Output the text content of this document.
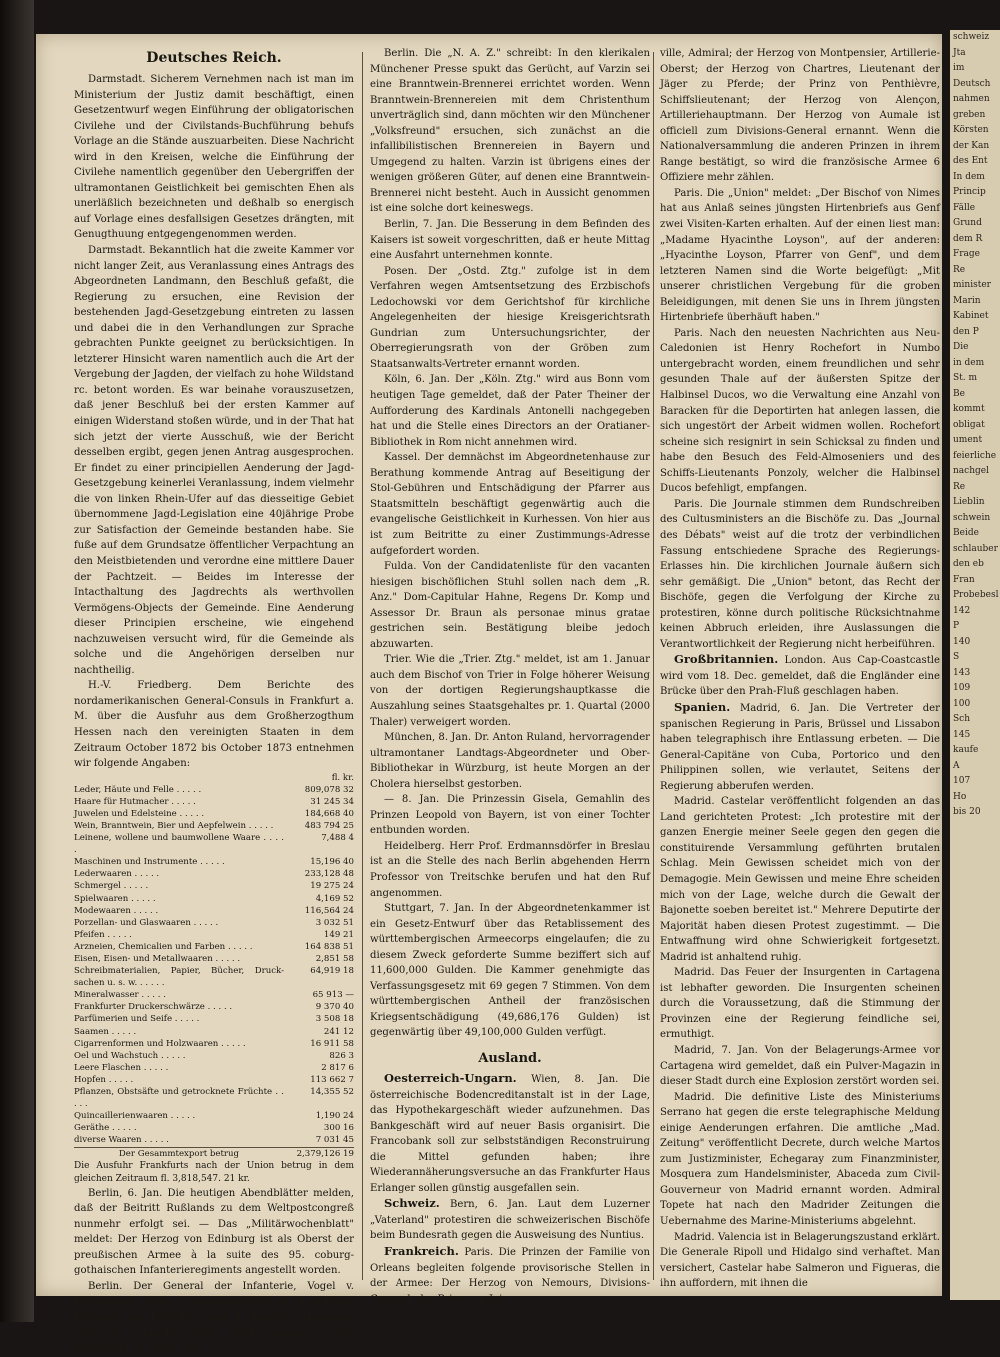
Deutsches Reich.

Darmstadt. Sicherem Vernehmen nach ist man im Ministerium der Justiz damit beschäftigt, einen Gesetzentwurf wegen Einführung der obligatorischen Civilehe und der Civilstands-Buchführung behufs Vorlage an die Stände auszuarbeiten. Diese Nachricht wird in den Kreisen, welche die Einführung der Civilehe namentlich gegenüber den Uebergriffen der ultramontanen Geistlichkeit bei gemischten Ehen als unerläßlich bezeichneten und deßhalb so energisch auf Vorlage eines desfallsigen Gesetzes drängten, mit Genugthuung entgegengenommen werden.

Darmstadt. Bekanntlich hat die zweite Kammer vor nicht langer Zeit, aus Veranlassung eines Antrags des Abgeordneten Landmann, den Beschluß gefaßt, die Regierung zu ersuchen, eine Revision der bestehenden Jagd-Gesetzgebung eintreten zu lassen und dabei die in den Verhandlungen zur Sprache gebrachten Punkte geeignet zu berücksichtigen. In letzterer Hinsicht waren namentlich auch die Art der Vergebung der Jagden, der vielfach zu hohe Wildstand rc. betont worden. Es war beinahe vorauszusetzen, daß jener Beschluß bei der ersten Kammer auf einigen Widerstand stoßen würde, und in der That hat sich jetzt der vierte Ausschuß, wie der Bericht desselben ergibt, gegen jenen Antrag ausgesprochen. Er findet zu einer principiellen Aenderung der Jagd-Gesetzgebung keinerlei Veranlassung, indem vielmehr die von linken Rhein-Ufer auf das diesseitige Gebiet übernommene Jagd-Legislation eine 40jährige Probe zur Satisfaction der Gemeinde bestanden habe. Sie fuße auf dem Grundsatze öffentlicher Verpachtung an den Meistbietenden und verordne eine mittlere Dauer der Pachtzeit. — Beides im Interesse der Intacthaltung des Jagdrechts als werthvollen Vermögens-Objects der Gemeinde. Eine Aenderung dieser Principien erscheine, wie eingehend nachzuweisen versucht wird, für die Gemeinde als solche und die Angehörigen derselben nur nachtheilig.

H.-V. Friedberg. Dem Berichte des nordamerikanischen General-Consuls in Frankfurt a. M. über die Ausfuhr aus dem Großherzogthum Hessen nach den vereinigten Staaten in dem Zeitraum October 1872 bis October 1873 entnehmen wir folgende Angaben:

	fl. kr.
Leder, Häute und Felle . . . . .	809,078 32
Haare für Hutmacher . . . . .	31 245 34
Juwelen und Edelsteine . . . . .	184,668 40
Wein, Branntwein, Bier und Aepfelwein . . . . .	483 794 25
Leinene, wollene und baumwollene Waare . . . . .	7,488 4
Maschinen und Instrumente . . . . .	15,196 40
Lederwaaren . . . . .	233,128 48
Schmergel . . . . .	19 275 24
Spielwaaren . . . . .	4,169 52
Modewaaren . . . . .	116,564 24
Porzellan- und Glaswaaren . . . . .	3 032 51
Pfeifen . . . . .	149 21
Arzneien, Chemicalien und Farben . . . . .	164 838 51
Eisen, Eisen- und Metallwaaren . . . . .	2,851 58
Schreibmaterialien, Papier, Bücher, Druck-sachen u. s. w. . . . . .	64,919 18
Mineralwasser . . . . .	65 913 —
Frankfurter Druckerschwärze . . . . .	9 370 40
Parfümerien und Seife . . . . .	3 508 18
Saamen . . . . .	241 12
Cigarrenformen und Holzwaaren . . . . .	16 911 58
Oel und Wachstuch . . . . .	826 3
Leere Flaschen . . . . .	2 817 6
Hopfen . . . . .	113 662 7
Pflanzen, Obstsäfte und getrocknete Früchte . . . . .	14,355 52
Quincaillerienwaaren . . . . .	1,190 24
Geräthe . . . . .	300 16
diverse Waaren . . . . .	7 031 45
Der Gesammtexport betrug	2,379,126 19

Die Ausfuhr Frankfurts nach der Union betrug in dem gleichen Zeitraum fl. 3,818,547. 21 kr.

Berlin, 6. Jan. Die heutigen Abendblätter melden, daß der Beitritt Rußlands zu dem Weltpostcongreß nunmehr erfolgt sei. — Das „Militärwochenblatt" meldet: Der Herzog von Edinburg ist als Oberst der preußischen Armee à la suite des 95. coburg-gothaischen Infanterieregiments angestellt worden.

Berlin. Der General der Infanterie, Vogel v. Falckenstein, dessen Name besonders aus dem Main-Feldzuge von 1866 her noch in frischer Erinnerung lebt, ist nunmehr seines Alters wegen in den Ruhestand übergetreten.

Berlin. Die „N. A. Z." schreibt: In den klerikalen Münchener Presse spukt das Gerücht, auf Varzin sei eine Branntwein-Brennerei errichtet worden. Wenn Branntwein-Brennereien mit dem Christenthum unverträglich sind, dann möchten wir den Münchener „Volksfreund" ersuchen, sich zunächst an die infallibilistischen Brennereien in Bayern und Umgegend zu halten. Varzin ist übrigens eines der wenigen größeren Güter, auf denen eine Branntwein-Brennerei nicht besteht. Auch in Aussicht genommen ist eine solche dort keineswegs.

Berlin, 7. Jan. Die Besserung in dem Befinden des Kaisers ist soweit vorgeschritten, daß er heute Mittag eine Ausfahrt unternehmen konnte.

Posen. Der „Ostd. Ztg." zufolge ist in dem Verfahren wegen Amtsentsetzung des Erzbischofs Ledochowski vor dem Gerichtshof für kirchliche Angelegenheiten der hiesige Kreisgerichtsrath Gundrian zum Untersuchungsrichter, der Oberregierungsrath von der Gröben zum Staatsanwalts-Vertreter ernannt worden.

Köln, 6. Jan. Der „Köln. Ztg." wird aus Bonn vom heutigen Tage gemeldet, daß der Pater Theiner der Aufforderung des Kardinals Antonelli nachgegeben hat und die Stelle eines Directors an der Oratianer-Bibliothek in Rom nicht annehmen wird.

Kassel. Der demnächst im Abgeordnetenhause zur Berathung kommende Antrag auf Beseitigung der Stol-Gebühren und Entschädigung der Pfarrer aus Staatsmitteln beschäftigt gegenwärtig auch die evangelische Geistlichkeit in Kurhessen. Von hier aus ist zum Beitritte zu einer Zustimmungs-Adresse aufgefordert worden.

Fulda. Von der Candidatenliste für den vacanten hiesigen bischöflichen Stuhl sollen nach dem „R. Anz." Dom-Capitular Hahne, Regens Dr. Komp und Assessor Dr. Braun als personae minus gratae gestrichen sein. Bestätigung bleibe jedoch abzuwarten.

Trier. Wie die „Trier. Ztg." meldet, ist am 1. Januar auch dem Bischof von Trier in Folge höherer Weisung von der dortigen Regierungshauptkasse die Auszahlung seines Staatsgehaltes pr. 1. Quartal (2000 Thaler) verweigert worden.

München, 8. Jan. Dr. Anton Ruland, hervorragender ultramontaner Landtags-Abgeordneter und Ober-Bibliothekar in Würzburg, ist heute Morgen an der Cholera hierselbst gestorben.

— 8. Jan. Die Prinzessin Gisela, Gemahlin des Prinzen Leopold von Bayern, ist von einer Tochter entbunden worden.

Heidelberg. Herr Prof. Erdmannsdörfer in Breslau ist an die Stelle des nach Berlin abgehenden Herrn Professor von Treitschke berufen und hat den Ruf angenommen.

Stuttgart, 7. Jan. In der Abgeordnetenkammer ist ein Gesetz-Entwurf über das Retablissement des württembergischen Armeecorps eingelaufen; die zu diesem Zweck geforderte Summe beziffert sich auf 11,600,000 Gulden. Die Kammer genehmigte das Verfassungsgesetz mit 69 gegen 7 Stimmen. Von dem württembergischen Antheil der französischen Kriegsentschädigung (49,686,176 Gulden) ist gegenwärtig über 49,100,000 Gulden verfügt.

Ausland.

Oesterreich-Ungarn. Wien, 8. Jan. Die österreichische Bodencreditanstalt ist in der Lage, das Hypothekargeschäft wieder aufzunehmen. Das Bankgeschäft wird auf neuer Basis organisirt. Die Francobank soll zur selbstständigen Reconstruirung die Mittel gefunden haben; ihre Wiederannäherungsversuche an das Frankfurter Haus Erlanger sollen günstig ausgefallen sein.

Schweiz. Bern, 6. Jan. Laut dem Luzerner „Vaterland" protestiren die schweizerischen Bischöfe beim Bundesrath gegen die Ausweisung des Nuntius.

Frankreich. Paris. Die Prinzen der Familie von Orleans begleiten folgende provisorische Stellen in der Armee: Der Herzog von Nemours, Divisions-General; der Prinz von Join-

ville, Admiral; der Herzog von Montpensier, Artillerie-Oberst; der Herzog von Chartres, Lieutenant der Jäger zu Pferde; der Prinz von Penthièvre, Schiffslieutenant; der Herzog von Alençon, Artilleriehauptmann. Der Herzog von Aumale ist officiell zum Divisions-General ernannt. Wenn die Nationalversammlung die anderen Prinzen in ihrem Range bestätigt, so wird die französische Armee 6 Offiziere mehr zählen.

Paris. Die „Union" meldet: „Der Bischof von Nimes hat aus Anlaß seines jüngsten Hirtenbriefs aus Genf zwei Visiten-Karten erhalten. Auf der einen liest man: „Madame Hyacinthe Loyson", auf der anderen: „Hyacinthe Loyson, Pfarrer von Genf", und dem letzteren Namen sind die Worte beigefügt: „Mit unserer christlichen Vergebung für die groben Beleidigungen, mit denen Sie uns in Ihrem jüngsten Hirtenbriefe überhäuft haben."

Paris. Nach den neuesten Nachrichten aus Neu-Caledonien ist Henry Rochefort in Numbo untergebracht worden, einem freundlichen und sehr gesunden Thale auf der äußersten Spitze der Halbinsel Ducos, wo die Verwaltung eine Anzahl von Baracken für die Deportirten hat anlegen lassen, die sich ungestört der Arbeit widmen wollen. Rochefort scheine sich resignirt in sein Schicksal zu finden und habe den Besuch des Feld-Almoseniers und des Schiffs-Lieutenants Ponzoly, welcher die Halbinsel Ducos befehligt, empfangen.

Paris. Die Journale stimmen dem Rundschreiben des Cultusministers an die Bischöfe zu. Das „Journal des Débats" weist auf die trotz der verbindlichen Fassung entschiedene Sprache des Regierungs-Erlasses hin. Die kirchlichen Journale äußern sich sehr gemäßigt. Die „Union" betont, das Recht der Bischöfe, gegen die Verfolgung der Kirche zu protestiren, könne durch politische Rücksichtnahme keinen Abbruch erleiden, ihre Auslassungen die Verantwortlichkeit der Regierung nicht herbeiführen.

Großbritannien. London. Aus Cap-Coastcastle wird vom 18. Dec. gemeldet, daß die Engländer eine Brücke über den Prah-Fluß geschlagen haben.

Spanien. Madrid, 6. Jan. Die Vertreter der spanischen Regierung in Paris, Brüssel und Lissabon haben telegraphisch ihre Entlassung erbeten. — Die General-Capitäne von Cuba, Portorico und den Philippinen sollen, wie verlautet, Seitens der Regierung abberufen werden.

Madrid. Castelar veröffentlicht folgenden an das Land gerichteten Protest: „Ich protestire mit der ganzen Energie meiner Seele gegen den gegen die constituirende Versammlung geführten brutalen Schlag. Mein Gewissen scheidet mich von der Demagogie. Mein Gewissen und meine Ehre scheiden mich von der Lage, welche durch die Gewalt der Bajonette soeben bereitet ist." Mehrere Deputirte der Majorität haben diesen Protest zugestimmt. — Die Entwaffnung wird ohne Schwierigkeit fortgesetzt. Madrid ist anhaltend ruhig.

Madrid. Das Feuer der Insurgenten in Cartagena ist lebhafter geworden. Die Insurgenten scheinen durch die Voraussetzung, daß die Stimmung der Provinzen eine der Regierung feindliche sei, ermuthigt.

Madrid, 7. Jan. Von der Belagerungs-Armee vor Cartagena wird gemeldet, daß ein Pulver-Magazin in dieser Stadt durch eine Explosion zerstört worden sei.

Madrid. Die definitive Liste des Ministeriums Serrano hat gegen die erste telegraphische Meldung einige Aenderungen erfahren. Die amtliche „Mad. Zeitung" veröffentlicht Decrete, durch welche Martos zum Justizminister, Echegaray zum Finanzminister, Mosquera zum Handelsminister, Abaceda zum Civil-Gouverneur von Madrid ernannt worden. Admiral Topete hat nach den Madrider Zeitungen die Uebernahme des Marine-Ministeriums abgelehnt.

Madrid. Valencia ist in Belagerungszustand erklärt. Die Generale Ripoll und Hidalgo sind verhaftet. Man versichert, Castelar habe Salmeron und Figueras, die ihn auffordern, mit ihnen die

schweiz
Jta
im
Deutsch
nahmen
greben
Körsten
der Kan
des Ent
In dem
Princip
Fälle
Grund
dem R
Frage
Re
minister
Marin
Kabinet
den P
Die
in dem
St. m
Be
kommt
obligat
ument
feierliche
nachgel
Re
Lieblin
schwein
Beide
schlauber
den eb
Fran
Probebesl
142
P
140
S
143
109
100
Sch
145
kaufe
A
107
Ho
bis 20
